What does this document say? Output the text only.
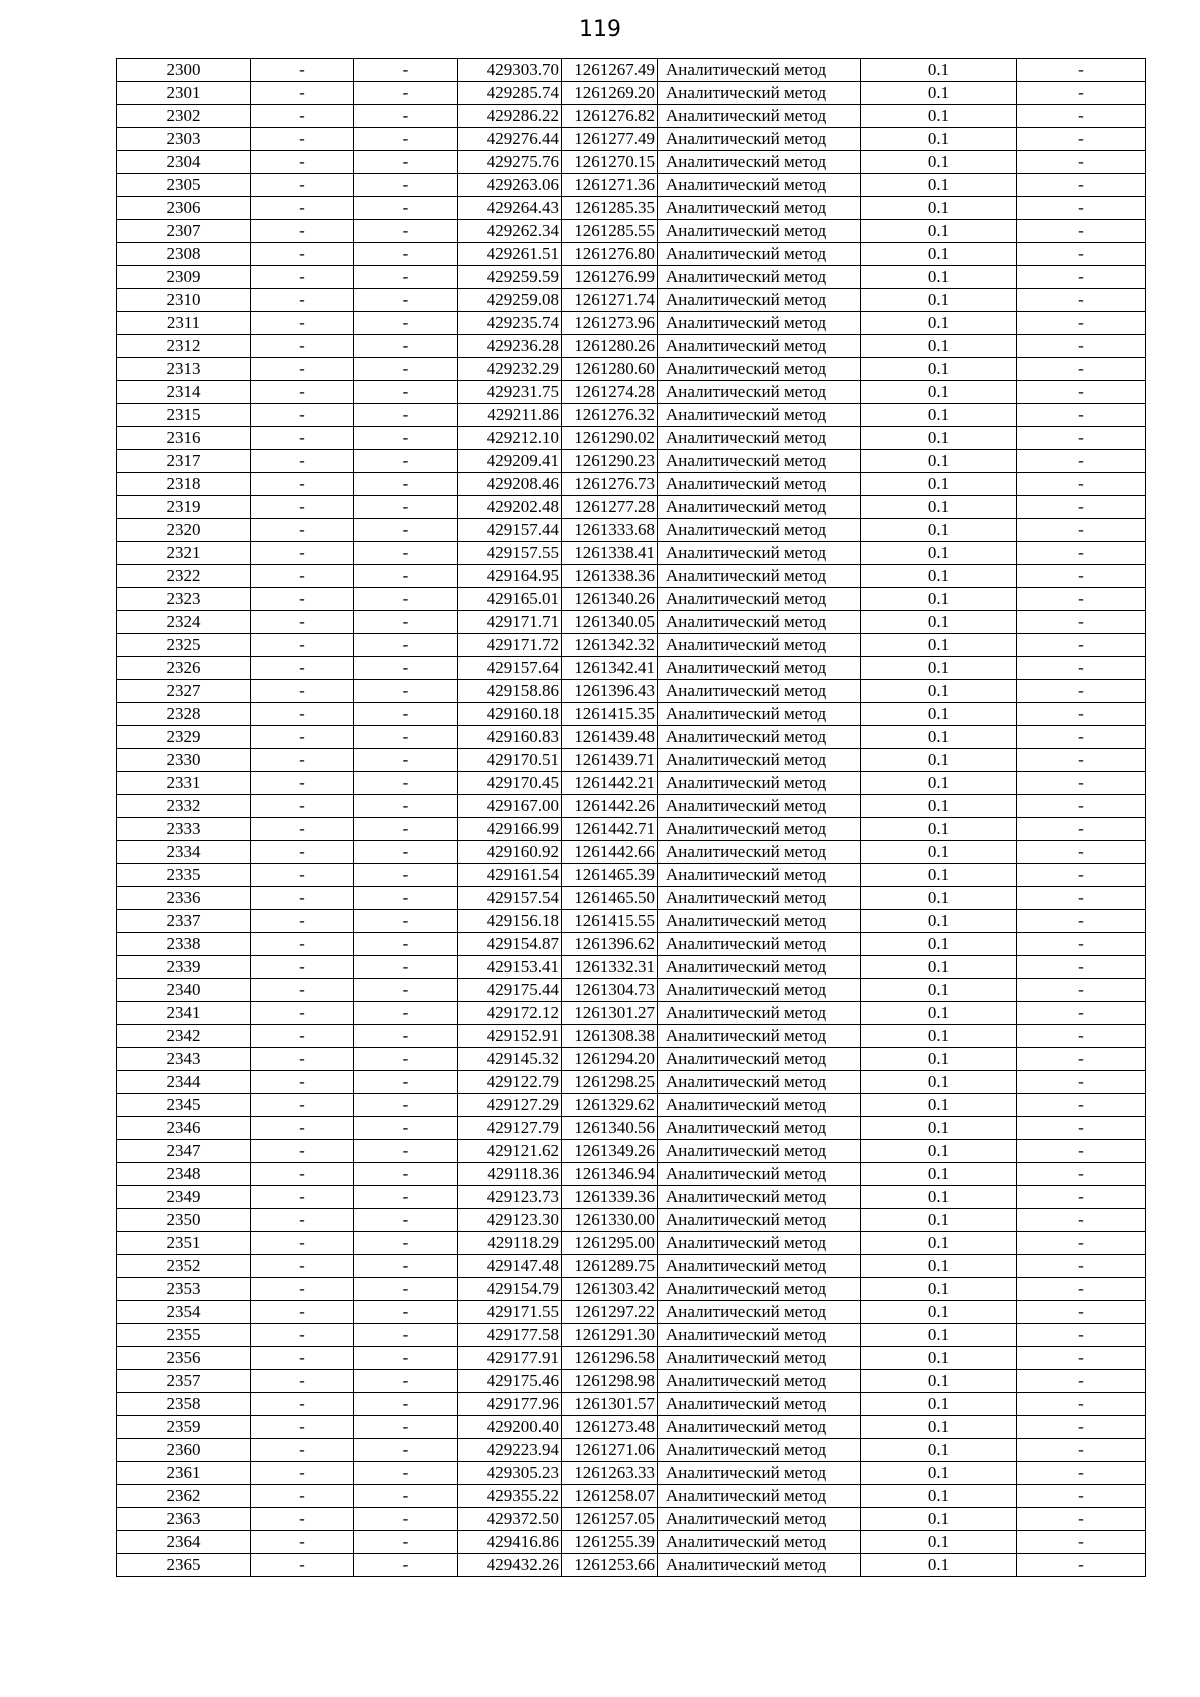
119
2300	-	-	429303.70	1261267.49	Аналитический метод	0.1	-
2301	-	-	429285.74	1261269.20	Аналитический метод	0.1	-
2302	-	-	429286.22	1261276.82	Аналитический метод	0.1	-
2303	-	-	429276.44	1261277.49	Аналитический метод	0.1	-
2304	-	-	429275.76	1261270.15	Аналитический метод	0.1	-
2305	-	-	429263.06	1261271.36	Аналитический метод	0.1	-
2306	-	-	429264.43	1261285.35	Аналитический метод	0.1	-
2307	-	-	429262.34	1261285.55	Аналитический метод	0.1	-
2308	-	-	429261.51	1261276.80	Аналитический метод	0.1	-
2309	-	-	429259.59	1261276.99	Аналитический метод	0.1	-
2310	-	-	429259.08	1261271.74	Аналитический метод	0.1	-
2311	-	-	429235.74	1261273.96	Аналитический метод	0.1	-
2312	-	-	429236.28	1261280.26	Аналитический метод	0.1	-
2313	-	-	429232.29	1261280.60	Аналитический метод	0.1	-
2314	-	-	429231.75	1261274.28	Аналитический метод	0.1	-
2315	-	-	429211.86	1261276.32	Аналитический метод	0.1	-
2316	-	-	429212.10	1261290.02	Аналитический метод	0.1	-
2317	-	-	429209.41	1261290.23	Аналитический метод	0.1	-
2318	-	-	429208.46	1261276.73	Аналитический метод	0.1	-
2319	-	-	429202.48	1261277.28	Аналитический метод	0.1	-
2320	-	-	429157.44	1261333.68	Аналитический метод	0.1	-
2321	-	-	429157.55	1261338.41	Аналитический метод	0.1	-
2322	-	-	429164.95	1261338.36	Аналитический метод	0.1	-
2323	-	-	429165.01	1261340.26	Аналитический метод	0.1	-
2324	-	-	429171.71	1261340.05	Аналитический метод	0.1	-
2325	-	-	429171.72	1261342.32	Аналитический метод	0.1	-
2326	-	-	429157.64	1261342.41	Аналитический метод	0.1	-
2327	-	-	429158.86	1261396.43	Аналитический метод	0.1	-
2328	-	-	429160.18	1261415.35	Аналитический метод	0.1	-
2329	-	-	429160.83	1261439.48	Аналитический метод	0.1	-
2330	-	-	429170.51	1261439.71	Аналитический метод	0.1	-
2331	-	-	429170.45	1261442.21	Аналитический метод	0.1	-
2332	-	-	429167.00	1261442.26	Аналитический метод	0.1	-
2333	-	-	429166.99	1261442.71	Аналитический метод	0.1	-
2334	-	-	429160.92	1261442.66	Аналитический метод	0.1	-
2335	-	-	429161.54	1261465.39	Аналитический метод	0.1	-
2336	-	-	429157.54	1261465.50	Аналитический метод	0.1	-
2337	-	-	429156.18	1261415.55	Аналитический метод	0.1	-
2338	-	-	429154.87	1261396.62	Аналитический метод	0.1	-
2339	-	-	429153.41	1261332.31	Аналитический метод	0.1	-
2340	-	-	429175.44	1261304.73	Аналитический метод	0.1	-
2341	-	-	429172.12	1261301.27	Аналитический метод	0.1	-
2342	-	-	429152.91	1261308.38	Аналитический метод	0.1	-
2343	-	-	429145.32	1261294.20	Аналитический метод	0.1	-
2344	-	-	429122.79	1261298.25	Аналитический метод	0.1	-
2345	-	-	429127.29	1261329.62	Аналитический метод	0.1	-
2346	-	-	429127.79	1261340.56	Аналитический метод	0.1	-
2347	-	-	429121.62	1261349.26	Аналитический метод	0.1	-
2348	-	-	429118.36	1261346.94	Аналитический метод	0.1	-
2349	-	-	429123.73	1261339.36	Аналитический метод	0.1	-
2350	-	-	429123.30	1261330.00	Аналитический метод	0.1	-
2351	-	-	429118.29	1261295.00	Аналитический метод	0.1	-
2352	-	-	429147.48	1261289.75	Аналитический метод	0.1	-
2353	-	-	429154.79	1261303.42	Аналитический метод	0.1	-
2354	-	-	429171.55	1261297.22	Аналитический метод	0.1	-
2355	-	-	429177.58	1261291.30	Аналитический метод	0.1	-
2356	-	-	429177.91	1261296.58	Аналитический метод	0.1	-
2357	-	-	429175.46	1261298.98	Аналитический метод	0.1	-
2358	-	-	429177.96	1261301.57	Аналитический метод	0.1	-
2359	-	-	429200.40	1261273.48	Аналитический метод	0.1	-
2360	-	-	429223.94	1261271.06	Аналитический метод	0.1	-
2361	-	-	429305.23	1261263.33	Аналитический метод	0.1	-
2362	-	-	429355.22	1261258.07	Аналитический метод	0.1	-
2363	-	-	429372.50	1261257.05	Аналитический метод	0.1	-
2364	-	-	429416.86	1261255.39	Аналитический метод	0.1	-
2365	-	-	429432.26	1261253.66	Аналитический метод	0.1	-
